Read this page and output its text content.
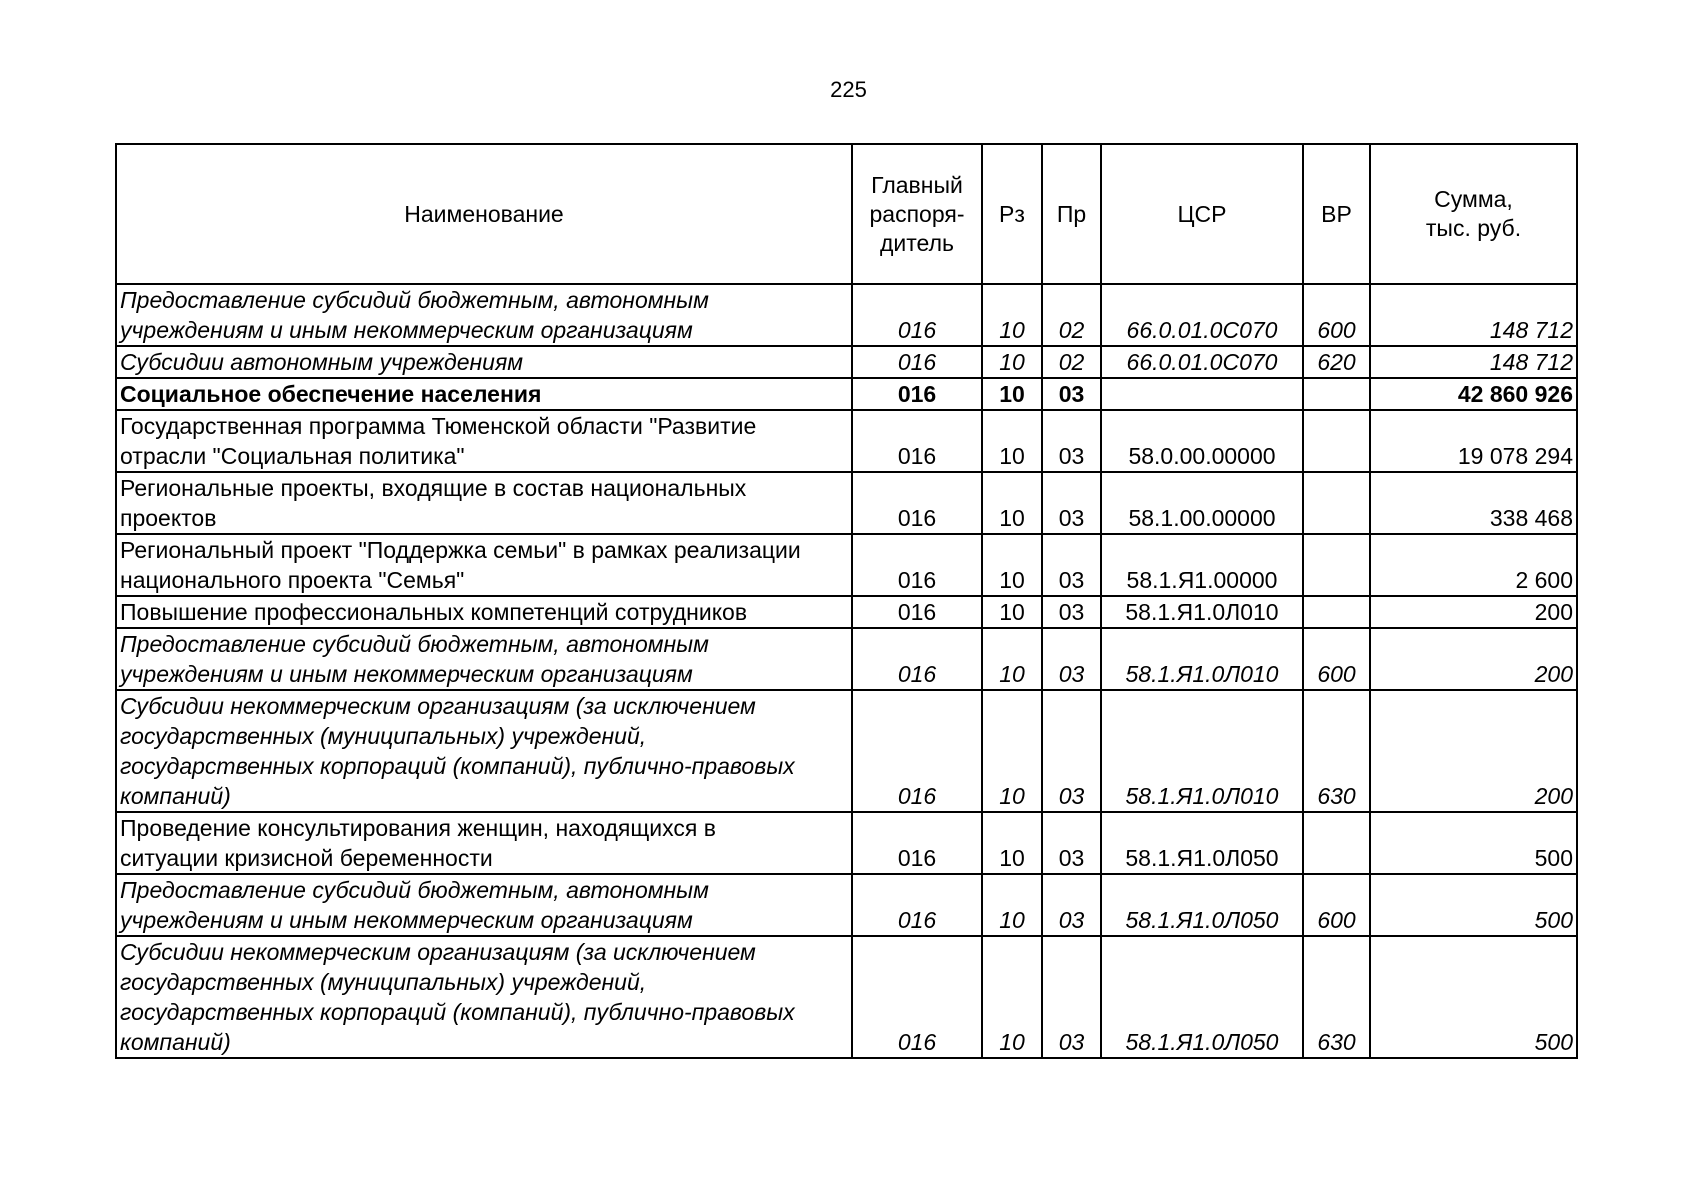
225
Наименование	Главный
распоря-
дитель	Рз	Пр	ЦСР	ВР	Сумма,
тыс. руб.
Предоставление субсидий бюджетным, автономным
учреждениям и иным некоммерческим организациям	016	10	02	66.0.01.0С070	600	148 712
Субсидии автономным учреждениям	016	10	02	66.0.01.0С070	620	148 712
Социальное обеспечение населения	016	10	03			42 860 926
Государственная программа Тюменской области "Развитие
отрасли "Социальная политика"	016	10	03	58.0.00.00000		19 078 294
Региональные проекты, входящие в состав национальных
проектов	016	10	03	58.1.00.00000		338 468
Региональный проект "Поддержка семьи" в рамках реализации
национального проекта "Семья"	016	10	03	58.1.Я1.00000		2 600
Повышение профессиональных компетенций сотрудников	016	10	03	58.1.Я1.0Л010		200
Предоставление субсидий бюджетным, автономным
учреждениям и иным некоммерческим организациям	016	10	03	58.1.Я1.0Л010	600	200
Субсидии некоммерческим организациям (за исключением
государственных (муниципальных) учреждений,
государственных корпораций (компаний), публично-правовых
компаний)	016	10	03	58.1.Я1.0Л010	630	200
Проведение консультирования женщин, находящихся в
ситуации кризисной беременности	016	10	03	58.1.Я1.0Л050		500
Предоставление субсидий бюджетным, автономным
учреждениям и иным некоммерческим организациям	016	10	03	58.1.Я1.0Л050	600	500
Субсидии некоммерческим организациям (за исключением
государственных (муниципальных) учреждений,
государственных корпораций (компаний), публично-правовых
компаний)	016	10	03	58.1.Я1.0Л050	630	500
